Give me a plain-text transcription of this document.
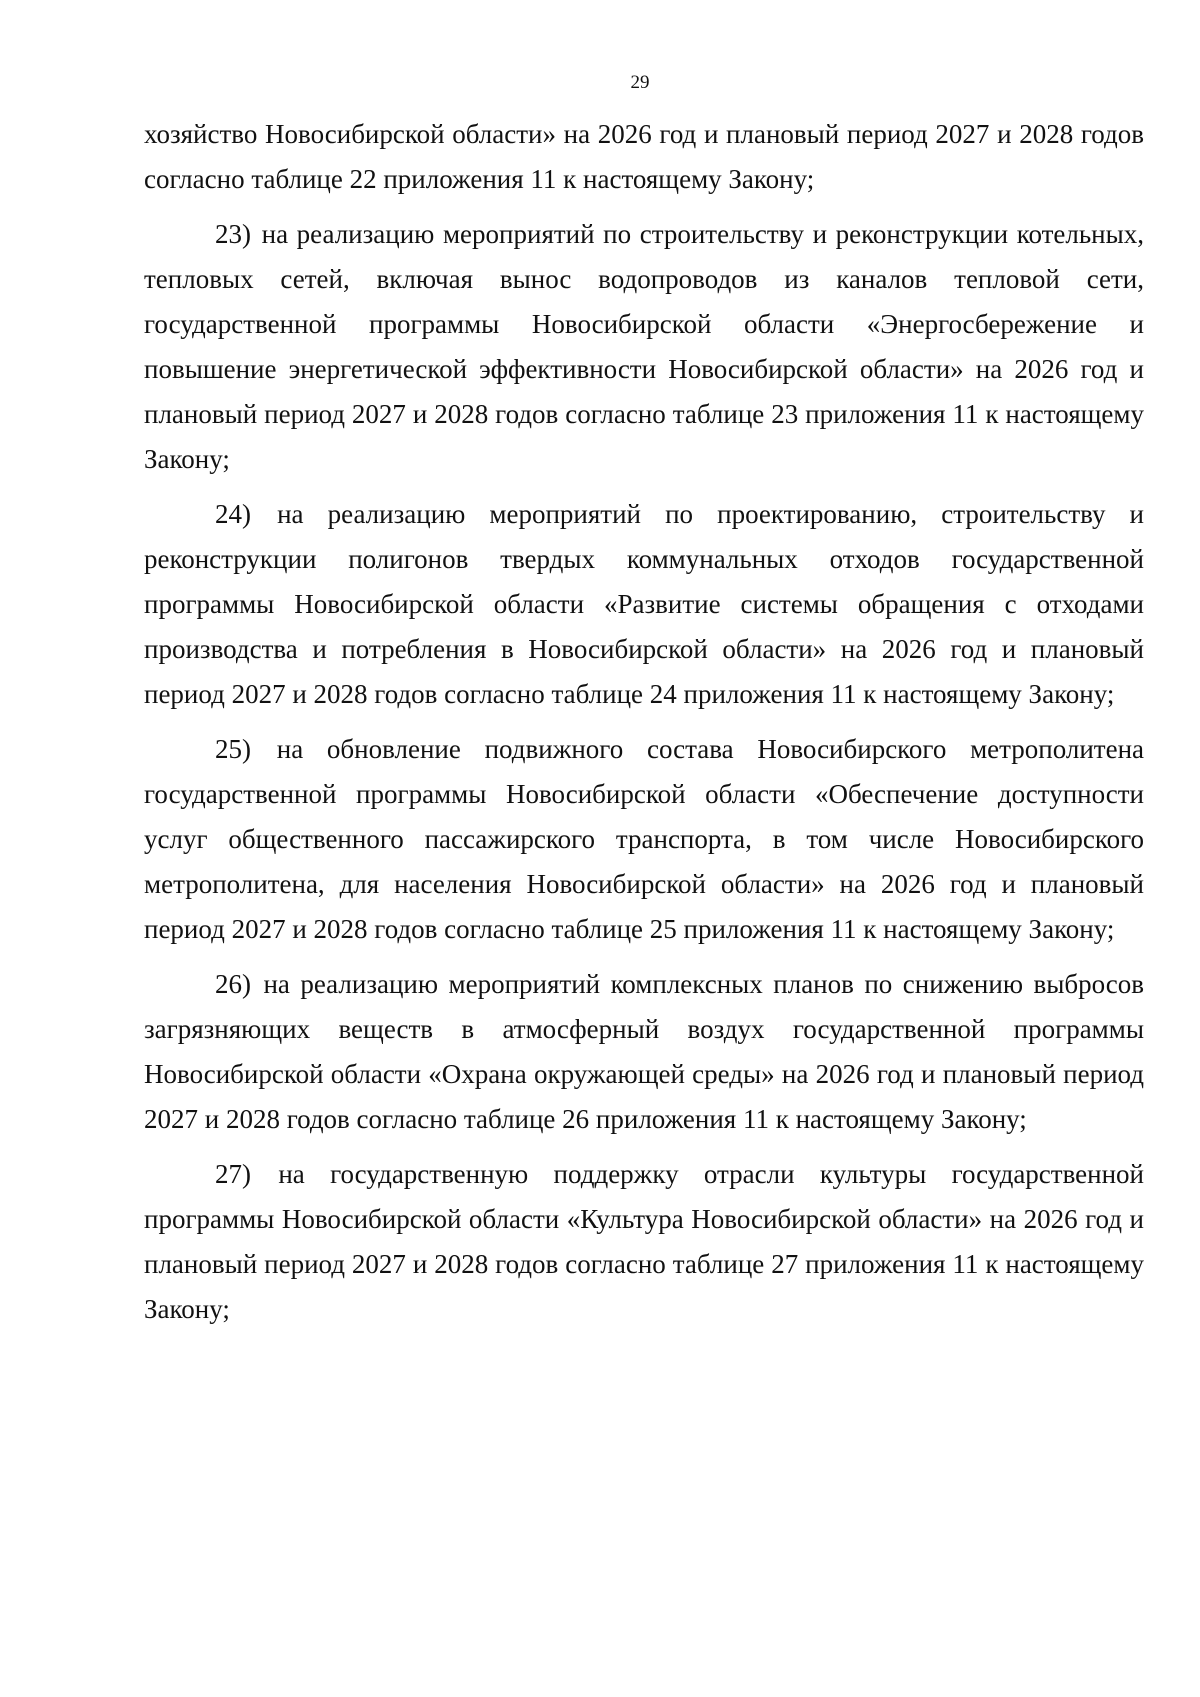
29

хозяйство Новосибирской области» на 2026 год и плановый период 2027 и 2028 годов согласно таблице 22 приложения 11 к настоящему Закону;

23) на реализацию мероприятий по строительству и реконструкции котельных, тепловых сетей, включая вынос водопроводов из каналов тепловой сети, государственной программы Новосибирской области «Энергосбережение и повышение энергетической эффективности Новосибирской области» на 2026 год и плановый период 2027 и 2028 годов согласно таблице 23 приложения 11 к настоящему Закону;

24) на реализацию мероприятий по проектированию, строительству и реконструкции полигонов твердых коммунальных отходов государственной программы Новосибирской области «Развитие системы обращения с отходами производства и потребления в Новосибирской области» на 2026 год и плановый период 2027 и 2028 годов согласно таблице 24 приложения 11 к настоящему Закону;

25) на обновление подвижного состава Новосибирского метрополитена государственной программы Новосибирской области «Обеспечение доступности услуг общественного пассажирского транспорта, в том числе Новосибирского метрополитена, для населения Новосибирской области» на 2026 год и плановый период 2027 и 2028 годов согласно таблице 25 приложения 11 к настоящему Закону;

26) на реализацию мероприятий комплексных планов по снижению выбросов загрязняющих веществ в атмосферный воздух государственной программы Новосибирской области «Охрана окружающей среды» на 2026 год и плановый период 2027 и 2028 годов согласно таблице 26 приложения 11 к настоящему Закону;

27) на государственную поддержку отрасли культуры государственной программы Новосибирской области «Культура Новосибирской области» на 2026 год и плановый период 2027 и 2028 годов согласно таблице 27 приложения 11 к настоящему Закону;
